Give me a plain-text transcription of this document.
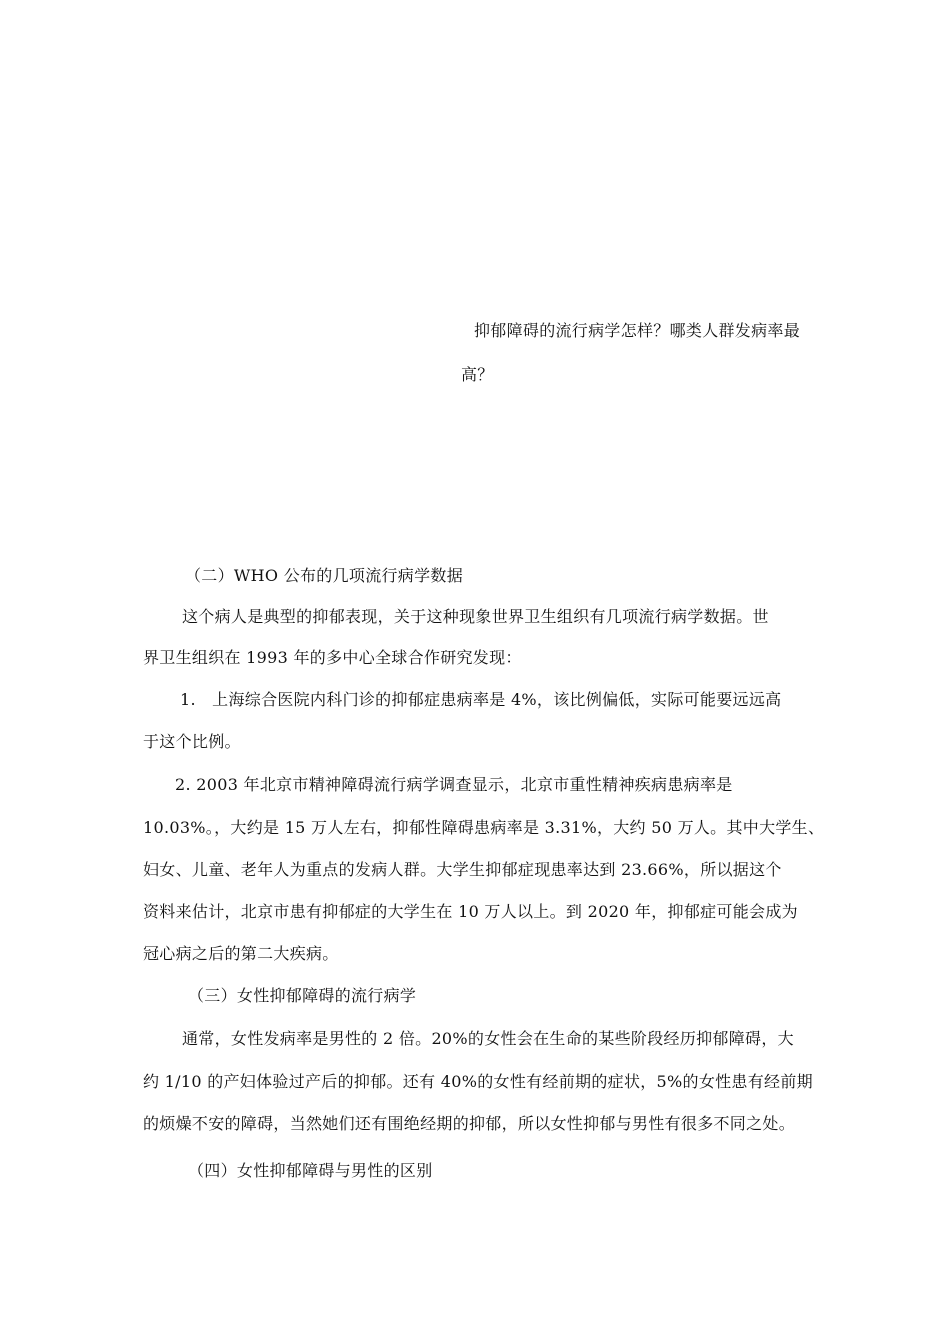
抑郁障碍的流行病学怎样？哪类人群发病率最
高？
（二）WHO 公布的几项流行病学数据
这个病人是典型的抑郁表现，关于这种现象世界卫生组织有几项流行病学数据。世
界卫生组织在 1993 年的多中心全球合作研究发现：
1.　上海综合医院内科门诊的抑郁症患病率是 4%，该比例偏低，实际可能要远远高
于这个比例。
2. 2003 年北京市精神障碍流行病学调查显示，北京市重性精神疾病患病率是
10.03%。，大约是 15 万人左右，抑郁性障碍患病率是 3.31%，大约 50 万人。其中大学生、
妇女、儿童、老年人为重点的发病人群。大学生抑郁症现患率达到 23.66%，所以据这个
资料来估计，北京市患有抑郁症的大学生在 10 万人以上。到 2020 年，抑郁症可能会成为
冠心病之后的第二大疾病。
（三）女性抑郁障碍的流行病学
通常，女性发病率是男性的 2 倍。20%的女性会在生命的某些阶段经历抑郁障碍，大
约 1/10 的产妇体验过产后的抑郁。还有 40%的女性有经前期的症状，5%的女性患有经前期
的烦燥不安的障碍，当然她们还有围绝经期的抑郁，所以女性抑郁与男性有很多不同之处。
（四）女性抑郁障碍与男性的区别
